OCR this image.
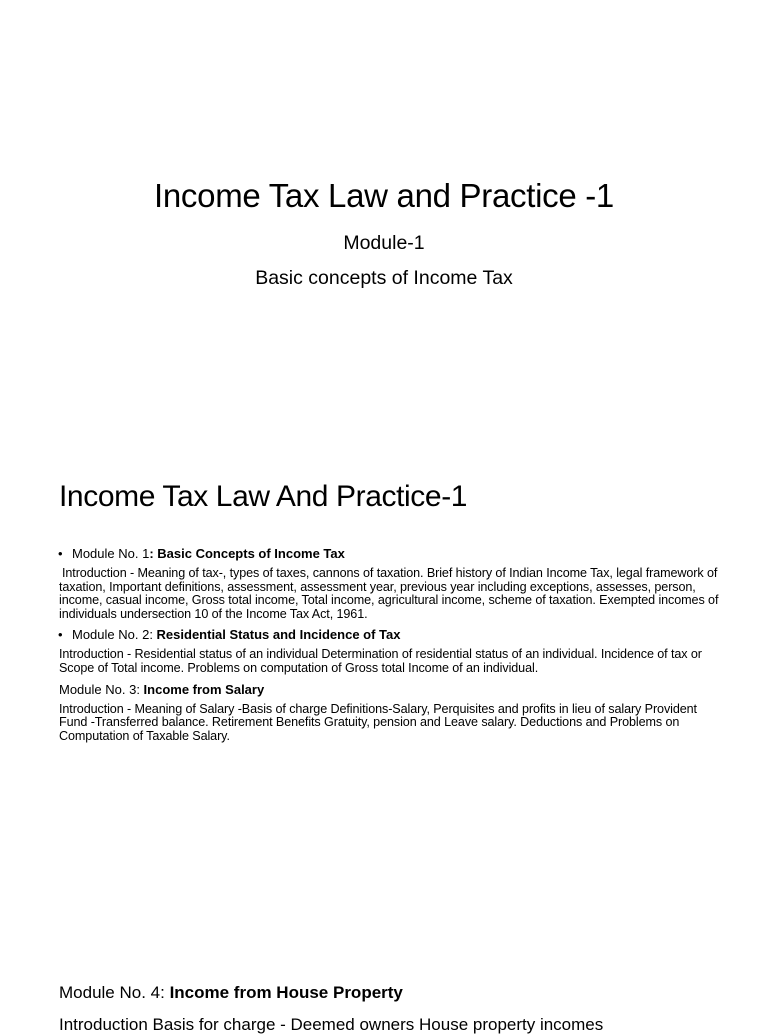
Income Tax Law and Practice -1
Module-1
Basic concepts of Income Tax
Income Tax Law And Practice-1
• Module No. 1: Basic Concepts of Income Tax

Introduction - Meaning of tax-, types of taxes, cannons of taxation. Brief history of Indian Income Tax, legal framework of taxation, Important definitions, assessment, assessment year, previous year including exceptions, assesses, person, income, casual income, Gross total income, Total income, agricultural income, scheme of taxation. Exempted incomes of individuals undersection 10 of the Income Tax Act, 1961.

• Module No. 2: Residential Status and Incidence of Tax

Introduction - Residential status of an individual Determination of residential status of an individual. Incidence of tax or Scope of Total income. Problems on computation of Gross total Income of an individual.

Module No. 3: Income from Salary

Introduction - Meaning of Salary -Basis of charge Definitions-Salary, Perquisites and profits in lieu of salary Provident Fund -Transferred balance. Retirement Benefits Gratuity, pension and Leave salary. Deductions and Problems on Computation of Taxable Salary.

Module No. 4: Income from House Property
Introduction Basis for charge - Deemed owners House property incomes
